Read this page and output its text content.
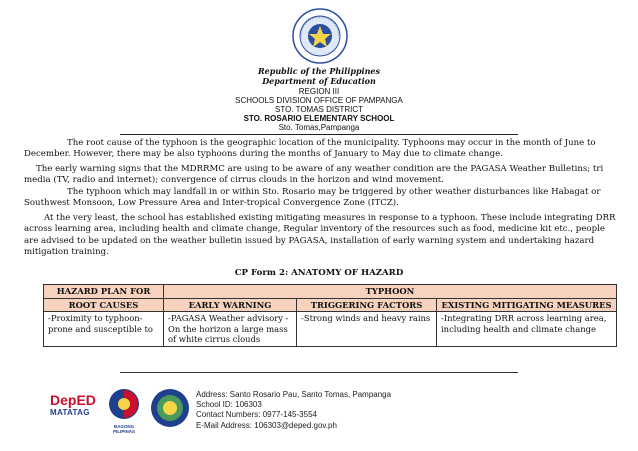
Republic of the Philippines
Department of Education
REGION III
SCHOOLS DIVISION OFFICE OF PAMPANGA
STO. TOMAS DISTRICT
STO. ROSARIO ELEMENTARY SCHOOL
Sto. Tomas,Pampanga

The root cause of the typhoon is the geographic location of the municipality. Typhoons may occur in the month of June to December. However, there may be also typhoons during the months of January to May due to climate change.

The early warning signs that the MDRRMC are using to be aware of any weather condition are the PAGASA Weather Bulletins; tri media (TV, radio and internet); convergence of cirrus clouds in the horizon and wind movement.

The typhoon which may landfall in or within Sto. Rosario may be triggered by other weather disturbances like Habagat or Southwest Monsoon, Low Pressure Area and Inter-tropical Convergence Zone (ITCZ).

At the very least, the school has established existing mitigating measures in response to a typhoon. These include integrating DRR across learning area, including health and climate change, Regular inventory of the resources such as food, medicine kit etc., people are advised to be updated on the weather bulletin issued by PAGASA, installation of early warning system and undertaking hazard mitigation training.

CP Form 2: ANATOMY OF HAZARD
HAZARD PLAN FOR	TYPHOON		
ROOT CAUSES	EARLY WARNING	TRIGGERING FACTORS	EXISTING MITIGATING MEASURES
-Proximity to typhoon-prone and susceptible to	-PAGASA Weather advisory -On the horizon a large mass of white cirrus clouds	-Strong winds and heavy rains	-Integrating DRR across learning area, including health and climate change
DepED
MATATAG
BAGONG PILIPINAS
Address: Santo Rosario Pau, Santo Tomas, Pampanga
School ID: 106303
Contact Numbers: 0977-145-3554
E-Mail Address: 106303@deped.gov.ph
